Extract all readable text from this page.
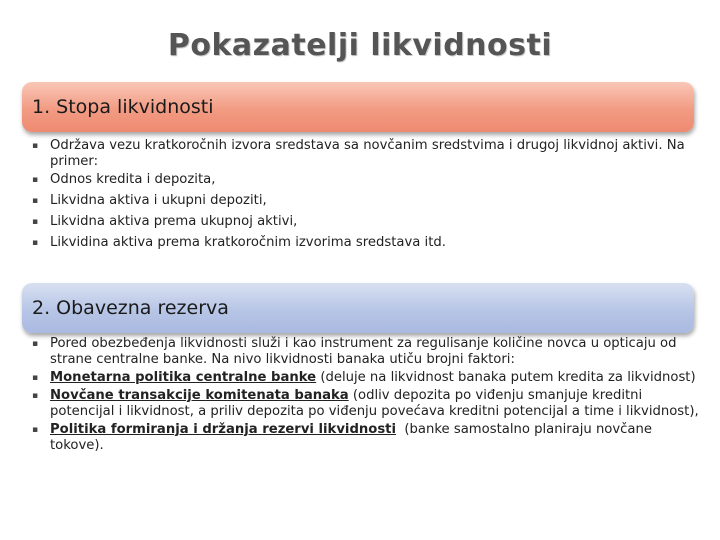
Pokazatelji likvidnosti
1. Stopa likvidnosti
▪ Održava vezu kratkoročnih izvora sredstava sa novčanim sredstvima i drugoj likvidnoj aktivi. Na primer:
▪ Odnos kredita i depozita,
▪ Likvidna aktiva i ukupni depoziti,
▪ Likvidna aktiva prema ukupnoj aktivi,
▪ Likvidina aktiva prema kratkoročnim izvorima sredstava itd.
2. Obavezna rezerva
▪ Pored obezbeđenja likvidnosti služi i kao instrument za regulisanje količine novca u opticaju od strane centralne banke. Na nivo likvidnosti banaka utiču brojni faktori:
▪ Monetarna politika centralne banke (deluje na likvidnost banaka putem kredita za likvidnost)
▪ Novčane transakcije komitenata banaka (odliv depozita po viđenju smanjuje kreditni potencijal i likvidnost, a priliv depozita po viđenju povećava kreditni potencijal a time i likvidnost),
▪ Politika formiranja i držanja rezervi likvidnosti  (banke samostalno planiraju novčane tokove).
